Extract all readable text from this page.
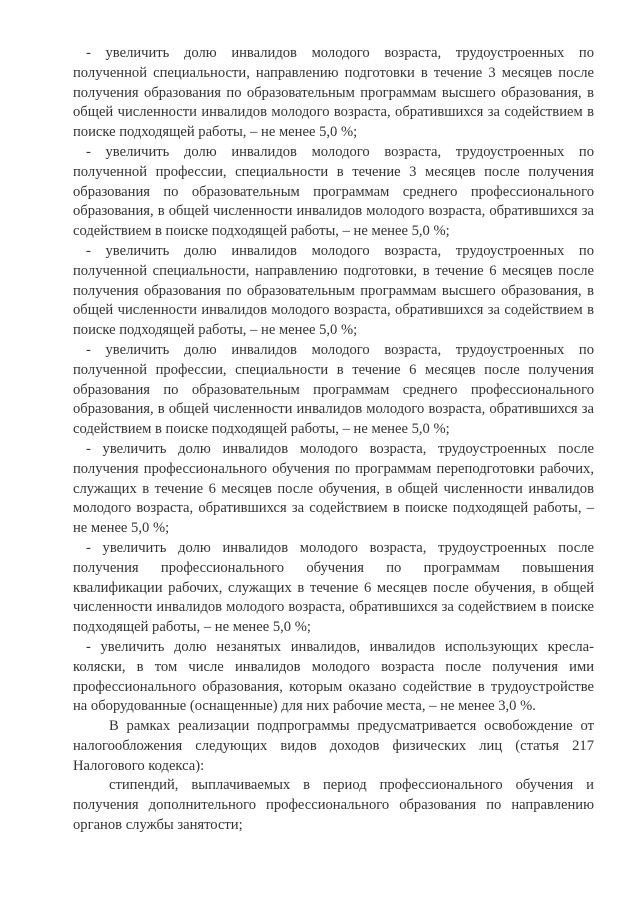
- увеличить долю инвалидов молодого возраста, трудоустроенных по полученной специальности, направлению подготовки в течение 3 месяцев после получения образования по образовательным программам высшего образования, в общей численности инвалидов молодого возраста, обратившихся за содействием в поиске подходящей работы, – не менее 5,0 %;

- увеличить долю инвалидов молодого возраста, трудоустроенных по полученной профессии, специальности в течение 3 месяцев после получения образования по образовательным программам среднего профессионального образования, в общей численности инвалидов молодого возраста, обратившихся за содействием в поиске подходящей работы, – не менее 5,0 %;

- увеличить долю инвалидов молодого возраста, трудоустроенных по полученной специальности, направлению подготовки, в течение 6 месяцев после получения образования по образовательным программам высшего образования, в общей численности инвалидов молодого возраста, обратившихся за содействием в поиске подходящей работы, – не менее 5,0 %;

- увеличить долю инвалидов молодого возраста, трудоустроенных по полученной профессии, специальности в течение 6 месяцев после получения образования по образовательным программам среднего профессионального образования, в общей численности инвалидов молодого возраста, обратившихся за содействием в поиске подходящей работы, – не менее 5,0 %;

- увеличить долю инвалидов молодого возраста, трудоустроенных после получения профессионального обучения по программам переподготовки рабочих, служащих в течение 6 месяцев после обучения, в общей численности инвалидов молодого возраста, обратившихся за содействием в поиске подходящей работы, – не менее 5,0 %;

- увеличить долю инвалидов молодого возраста, трудоустроенных после получения профессионального обучения по программам повышения квалификации рабочих, служащих в течение 6 месяцев после обучения, в общей численности инвалидов молодого возраста, обратившихся за содействием в поиске подходящей работы, – не менее 5,0 %;

- увеличить долю незанятых инвалидов, инвалидов использующих кресла-коляски, в том числе инвалидов молодого возраста после получения ими профессионального образования, которым оказано содействие в трудоустройстве на оборудованные (оснащенные) для них рабочие места, – не менее 3,0 %.

В рамках реализации подпрограммы предусматривается освобождение от налогообложения следующих видов доходов физических лиц (статья 217 Налогового кодекса):

стипендий, выплачиваемых в период профессионального обучения и получения дополнительного профессионального образования по направлению органов службы занятости;
